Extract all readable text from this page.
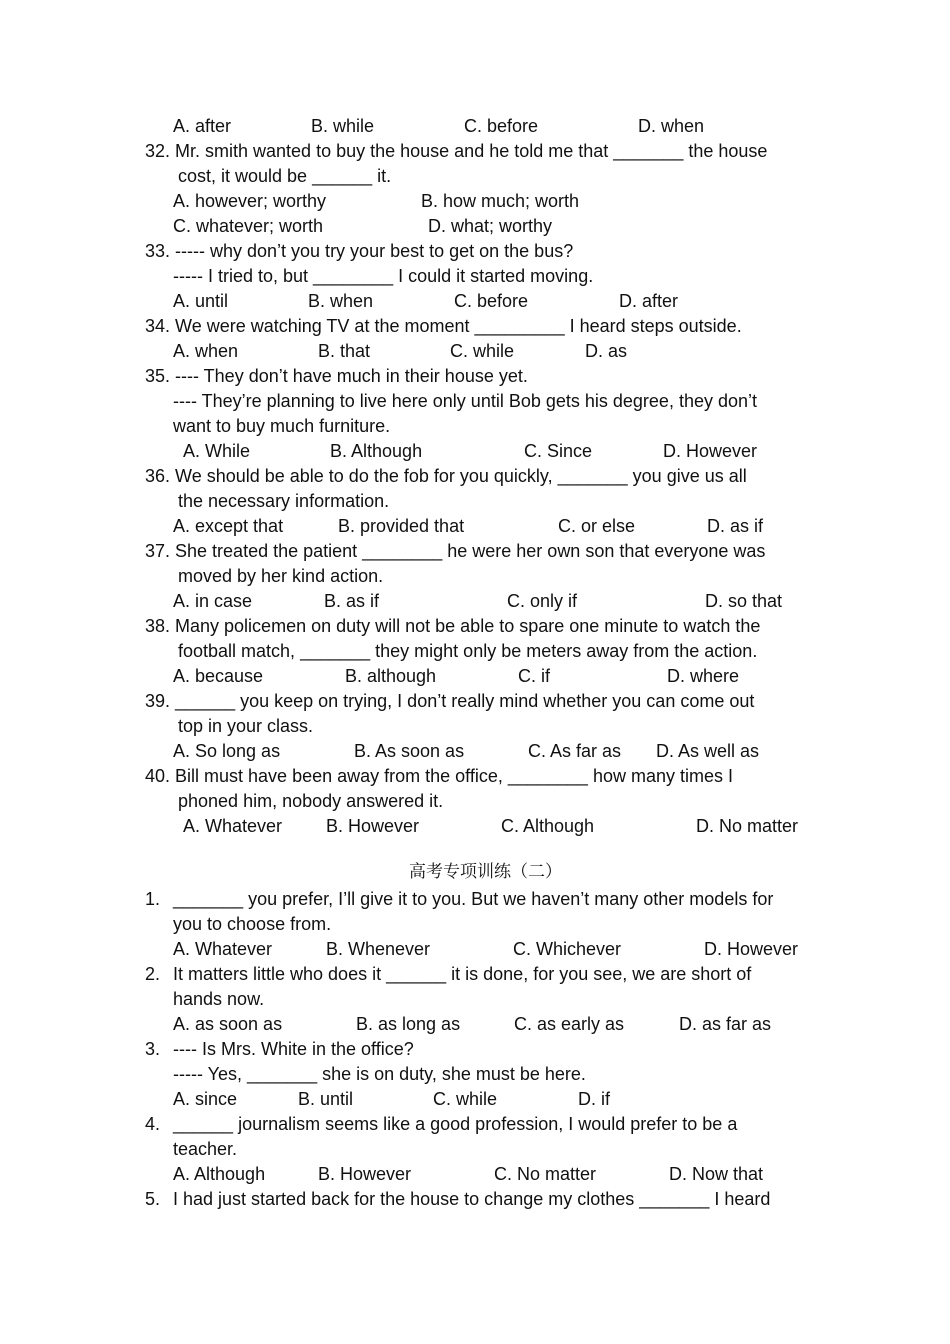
A. after	B. while	C. before	D. when
32. Mr. smith wanted to buy the house and he told me that _______ the house
cost, it would be ______ it.
A. however; worthy	B. how much; worth
C. whatever; worth	D. what; worthy
33. ----- why don’t you try your best to get on the bus?
----- I tried to, but ________ I could it started moving.
A. until	B. when	C. before	D. after
34. We were watching TV at the moment _________ I heard steps outside.
A. when	B. that	C. while	D. as
35. ---- They don’t have much in their house yet.
---- They’re planning to live here only until Bob gets his degree, they don’t
want to buy much furniture.
A. While	B. Although	C. Since	D. However
36. We should be able to do the fob for you quickly, _______ you give us all
the necessary information.
A. except that	B. provided that	C. or else	D. as if
37. She treated the patient ________ he were her own son that everyone was
moved by her kind action.
A. in case	B. as if	C. only if	D. so that
38. Many policemen on duty will not be able to spare one minute to watch the
football match, _______ they might only be meters away from the action.
A. because	B. although	C. if	D. where
39. ______ you keep on trying, I don’t really mind whether you can come out
top in your class.
A. So long as	B. As soon as	C. As far as D. As well as
40. Bill must have been away from the office, ________ how many times I
phoned him, nobody answered it.
A. Whatever B. However	C. Although	D. No matter
高考专项训练（二）
1. _______ you prefer, I’ll give it to you. But we haven’t many other models for
you to choose from.
A. Whatever	B. Whenever	C. Whichever	D. However
2. It matters little who does it ______ it is done, for you see, we are short of
hands now.
A. as soon as	B. as long as	C. as early as	D. as far as
3. ---- Is Mrs. White in the office?
----- Yes, _______ she is on duty, she must be here.
A. since	B. until	C. while	D. if
4. ______ journalism seems like a good profession, I would prefer to be a
teacher.
A. Although	B. However	C. No matter	D. Now that
5. I had just started back for the house to change my clothes _______ I heard
